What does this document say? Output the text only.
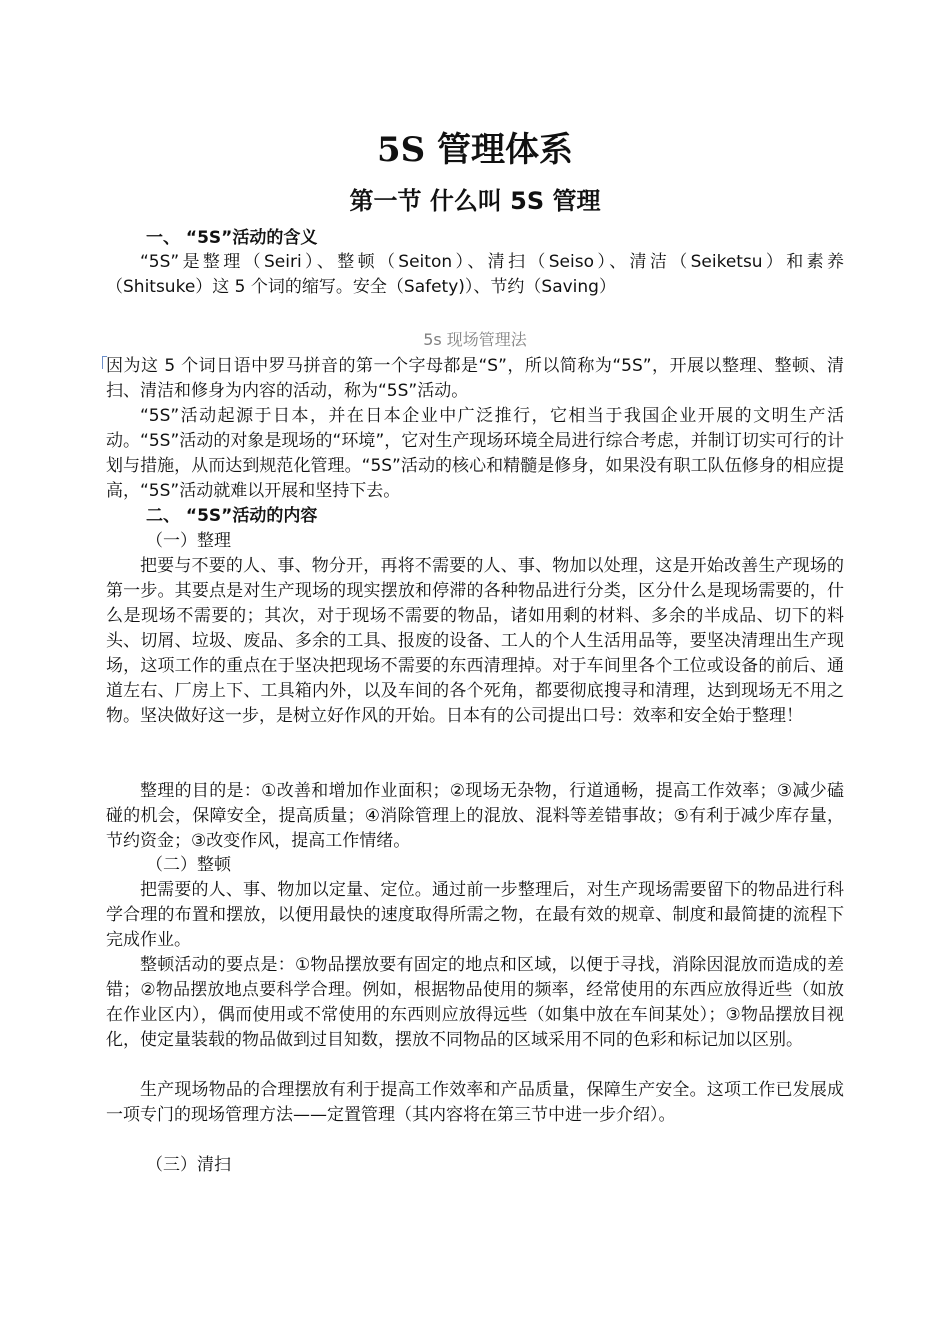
5S 管理体系
第一节 什么叫 5S 管理
一、 “5S”活动的含义
“5S”是整理（Seiri）、整顿（Seiton）、清扫（Seiso）、清洁（Seiketsu）和素养（Shitsuke）这 5 个词的缩写。安全（Safety)）、节约（Saving）
5s 现场管理法
因为这 5 个词日语中罗马拼音的第一个字母都是“S”，所以简称为“5S”，开展以整理、整顿、清扫、清洁和修身为内容的活动，称为“5S”活动。
“5S”活动起源于日本，并在日本企业中广泛推行，它相当于我国企业开展的文明生产活动。“5S”活动的对象是现场的“环境”，它对生产现场环境全局进行综合考虑，并制订切实可行的计划与措施，从而达到规范化管理。“5S”活动的核心和精髓是修身，如果没有职工队伍修身的相应提高，“5S”活动就难以开展和坚持下去。
二、 “5S”活动的内容
（一）整理
把要与不要的人、事、物分开，再将不需要的人、事、物加以处理，这是开始改善生产现场的第一步。其要点是对生产现场的现实摆放和停滞的各种物品进行分类，区分什么是现场需要的，什么是现场不需要的；其次，对于现场不需要的物品，诸如用剩的材料、多余的半成品、切下的料头、切屑、垃圾、废品、多余的工具、报废的设备、工人的个人生活用品等，要坚决清理出生产现场，这项工作的重点在于坚决把现场不需要的东西清理掉。对于车间里各个工位或设备的前后、通道左右、厂房上下、工具箱内外，以及车间的各个死角，都要彻底搜寻和清理，达到现场无不用之物。坚决做好这一步，是树立好作风的开始。日本有的公司提出口号：效率和安全始于整理！
整理的目的是：①改善和增加作业面积；②现场无杂物，行道通畅，提高工作效率；③减少磕碰的机会，保障安全，提高质量；④消除管理上的混放、混料等差错事故；⑤有利于减少库存量，节约资金；③改变作风，提高工作情绪。
（二）整顿
把需要的人、事、物加以定量、定位。通过前一步整理后，对生产现场需要留下的物品进行科学合理的布置和摆放，以便用最快的速度取得所需之物，在最有效的规章、制度和最简捷的流程下完成作业。
整顿活动的要点是：①物品摆放要有固定的地点和区域，以便于寻找，消除因混放而造成的差错；②物品摆放地点要科学合理。例如，根据物品使用的频率，经常使用的东西应放得近些（如放在作业区内），偶而使用或不常使用的东西则应放得远些（如集中放在车间某处）；③物品摆放目视化，使定量装载的物品做到过目知数，摆放不同物品的区域采用不同的色彩和标记加以区别。
生产现场物品的合理摆放有利于提高工作效率和产品质量，保障生产安全。这项工作已发展成一项专门的现场管理方法——定置管理（其内容将在第三节中进一步介绍）。
（三）清扫
